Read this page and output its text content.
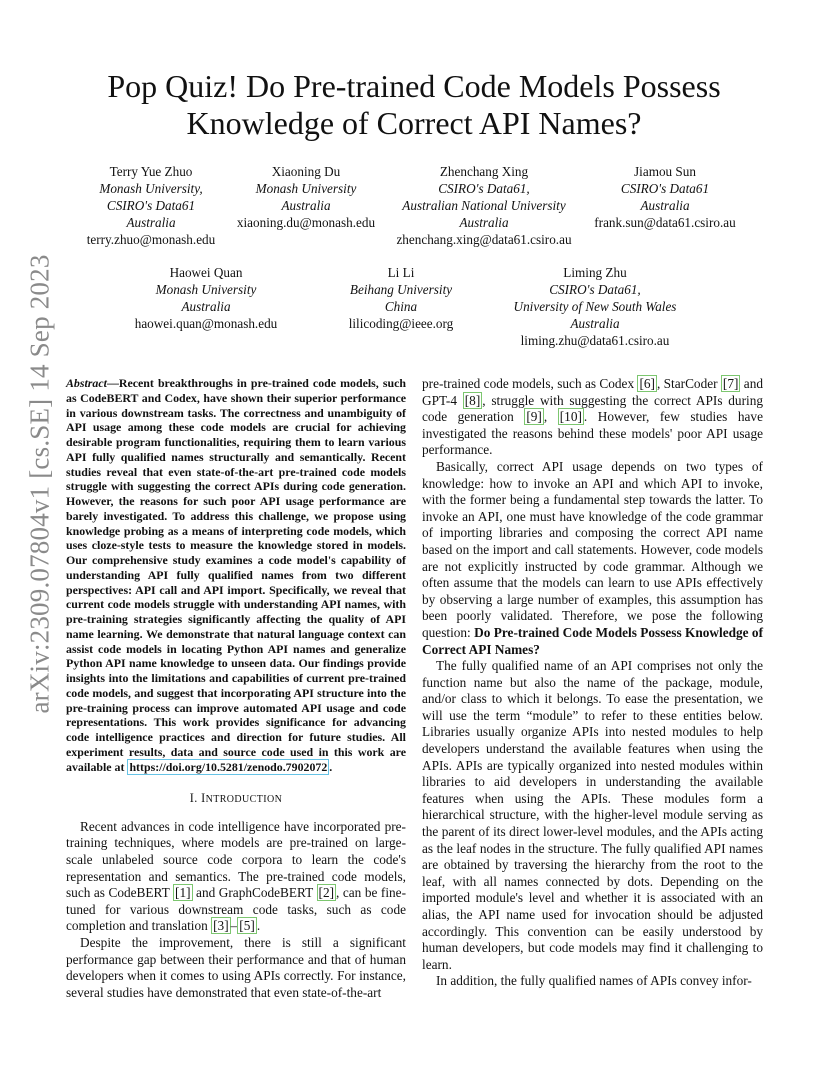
arXiv:2309.07804v1 [cs.SE] 14 Sep 2023
Pop Quiz! Do Pre-trained Code Models Possess Knowledge of Correct API Names?
Terry Yue Zhuo
Monash University,
CSIRO's Data61
Australia
terry.zhuo@monash.edu
Xiaoning Du
Monash University
Australia
xiaoning.du@monash.edu
Zhenchang Xing
CSIRO's Data61,
Australian National University
Australia
zhenchang.xing@data61.csiro.au
Jiamou Sun
CSIRO's Data61
Australia
frank.sun@data61.csiro.au
Haowei Quan
Monash University
Australia
haowei.quan@monash.edu
Li Li
Beihang University
China
lilicoding@ieee.org
Liming Zhu
CSIRO's Data61,
University of New South Wales
Australia
liming.zhu@data61.csiro.au

Abstract—Recent breakthroughs in pre-trained code models, such as CodeBERT and Codex, have shown their superior performance in various downstream tasks. The correctness and unambiguity of API usage among these code models are crucial for achieving desirable program functionalities, requiring them to learn various API fully qualified names structurally and semantically. Recent studies reveal that even state-of-the-art pre-trained code models struggle with suggesting the correct APIs during code generation. However, the reasons for such poor API usage performance are barely investigated. To address this challenge, we propose using knowledge probing as a means of interpreting code models, which uses cloze-style tests to measure the knowledge stored in models. Our comprehensive study examines a code model's capability of understanding API fully qualified names from two different perspectives: API call and API import. Specifically, we reveal that current code models struggle with understanding API names, with pre-training strategies significantly affecting the quality of API name learning. We demonstrate that natural language context can assist code models in locating Python API names and generalize Python API name knowledge to unseen data. Our findings provide insights into the limitations and capabilities of current pre-trained code models, and suggest that incorporating API structure into the pre-training process can improve automated API usage and code representations. This work provides significance for advancing code intelligence practices and direction for future studies. All experiment results, data and source code used in this work are available at https://doi.org/10.5281/zenodo.7902072 .

I. INTRODUCTION

Recent advances in code intelligence have incorporated pre-training techniques, where models are pre-trained on large-scale unlabeled source code corpora to learn the code's representation and semantics. The pre-trained code models, such as CodeBERT [1] and GraphCodeBERT [2] , can be fine-tuned for various downstream code tasks, such as code completion and translation [3] – [5] .

Despite the improvement, there is still a significant performance gap between their performance and that of human developers when it comes to using APIs correctly. For instance, several studies have demonstrated that even state-of-the-art

pre-trained code models, such as Codex [6] , StarCoder [7] and GPT-4 [8] , struggle with suggesting the correct APIs during code generation [9] , [10] . However, few studies have investigated the reasons behind these models' poor API usage performance.

Basically, correct API usage depends on two types of knowledge: how to invoke an API and which API to invoke, with the former being a fundamental step towards the latter. To invoke an API, one must have knowledge of the code grammar of importing libraries and composing the correct API name based on the import and call statements. However, code models are not explicitly instructed by code grammar. Although we often assume that the models can learn to use APIs effectively by observing a large number of examples, this assumption has been poorly validated. Therefore, we pose the following question: Do Pre-trained Code Models Possess Knowledge of Correct API Names?

The fully qualified name of an API comprises not only the function name but also the name of the package, module, and/or class to which it belongs. To ease the presentation, we will use the term “module” to refer to these entities below. Libraries usually organize APIs into nested modules to help developers understand the available features when using the APIs. APIs are typically organized into nested modules within libraries to aid developers in understanding the available features when using the APIs. These modules form a hierarchical structure, with the higher-level module serving as the parent of its direct lower-level modules, and the APIs acting as the leaf nodes in the structure. The fully qualified API names are obtained by traversing the hierarchy from the root to the leaf, with all names connected by dots. Depending on the imported module's level and whether it is associated with an alias, the API name used for invocation should be adjusted accordingly. This convention can be easily understood by human developers, but code models may find it challenging to learn.

In addition, the fully qualified names of APIs convey infor-
